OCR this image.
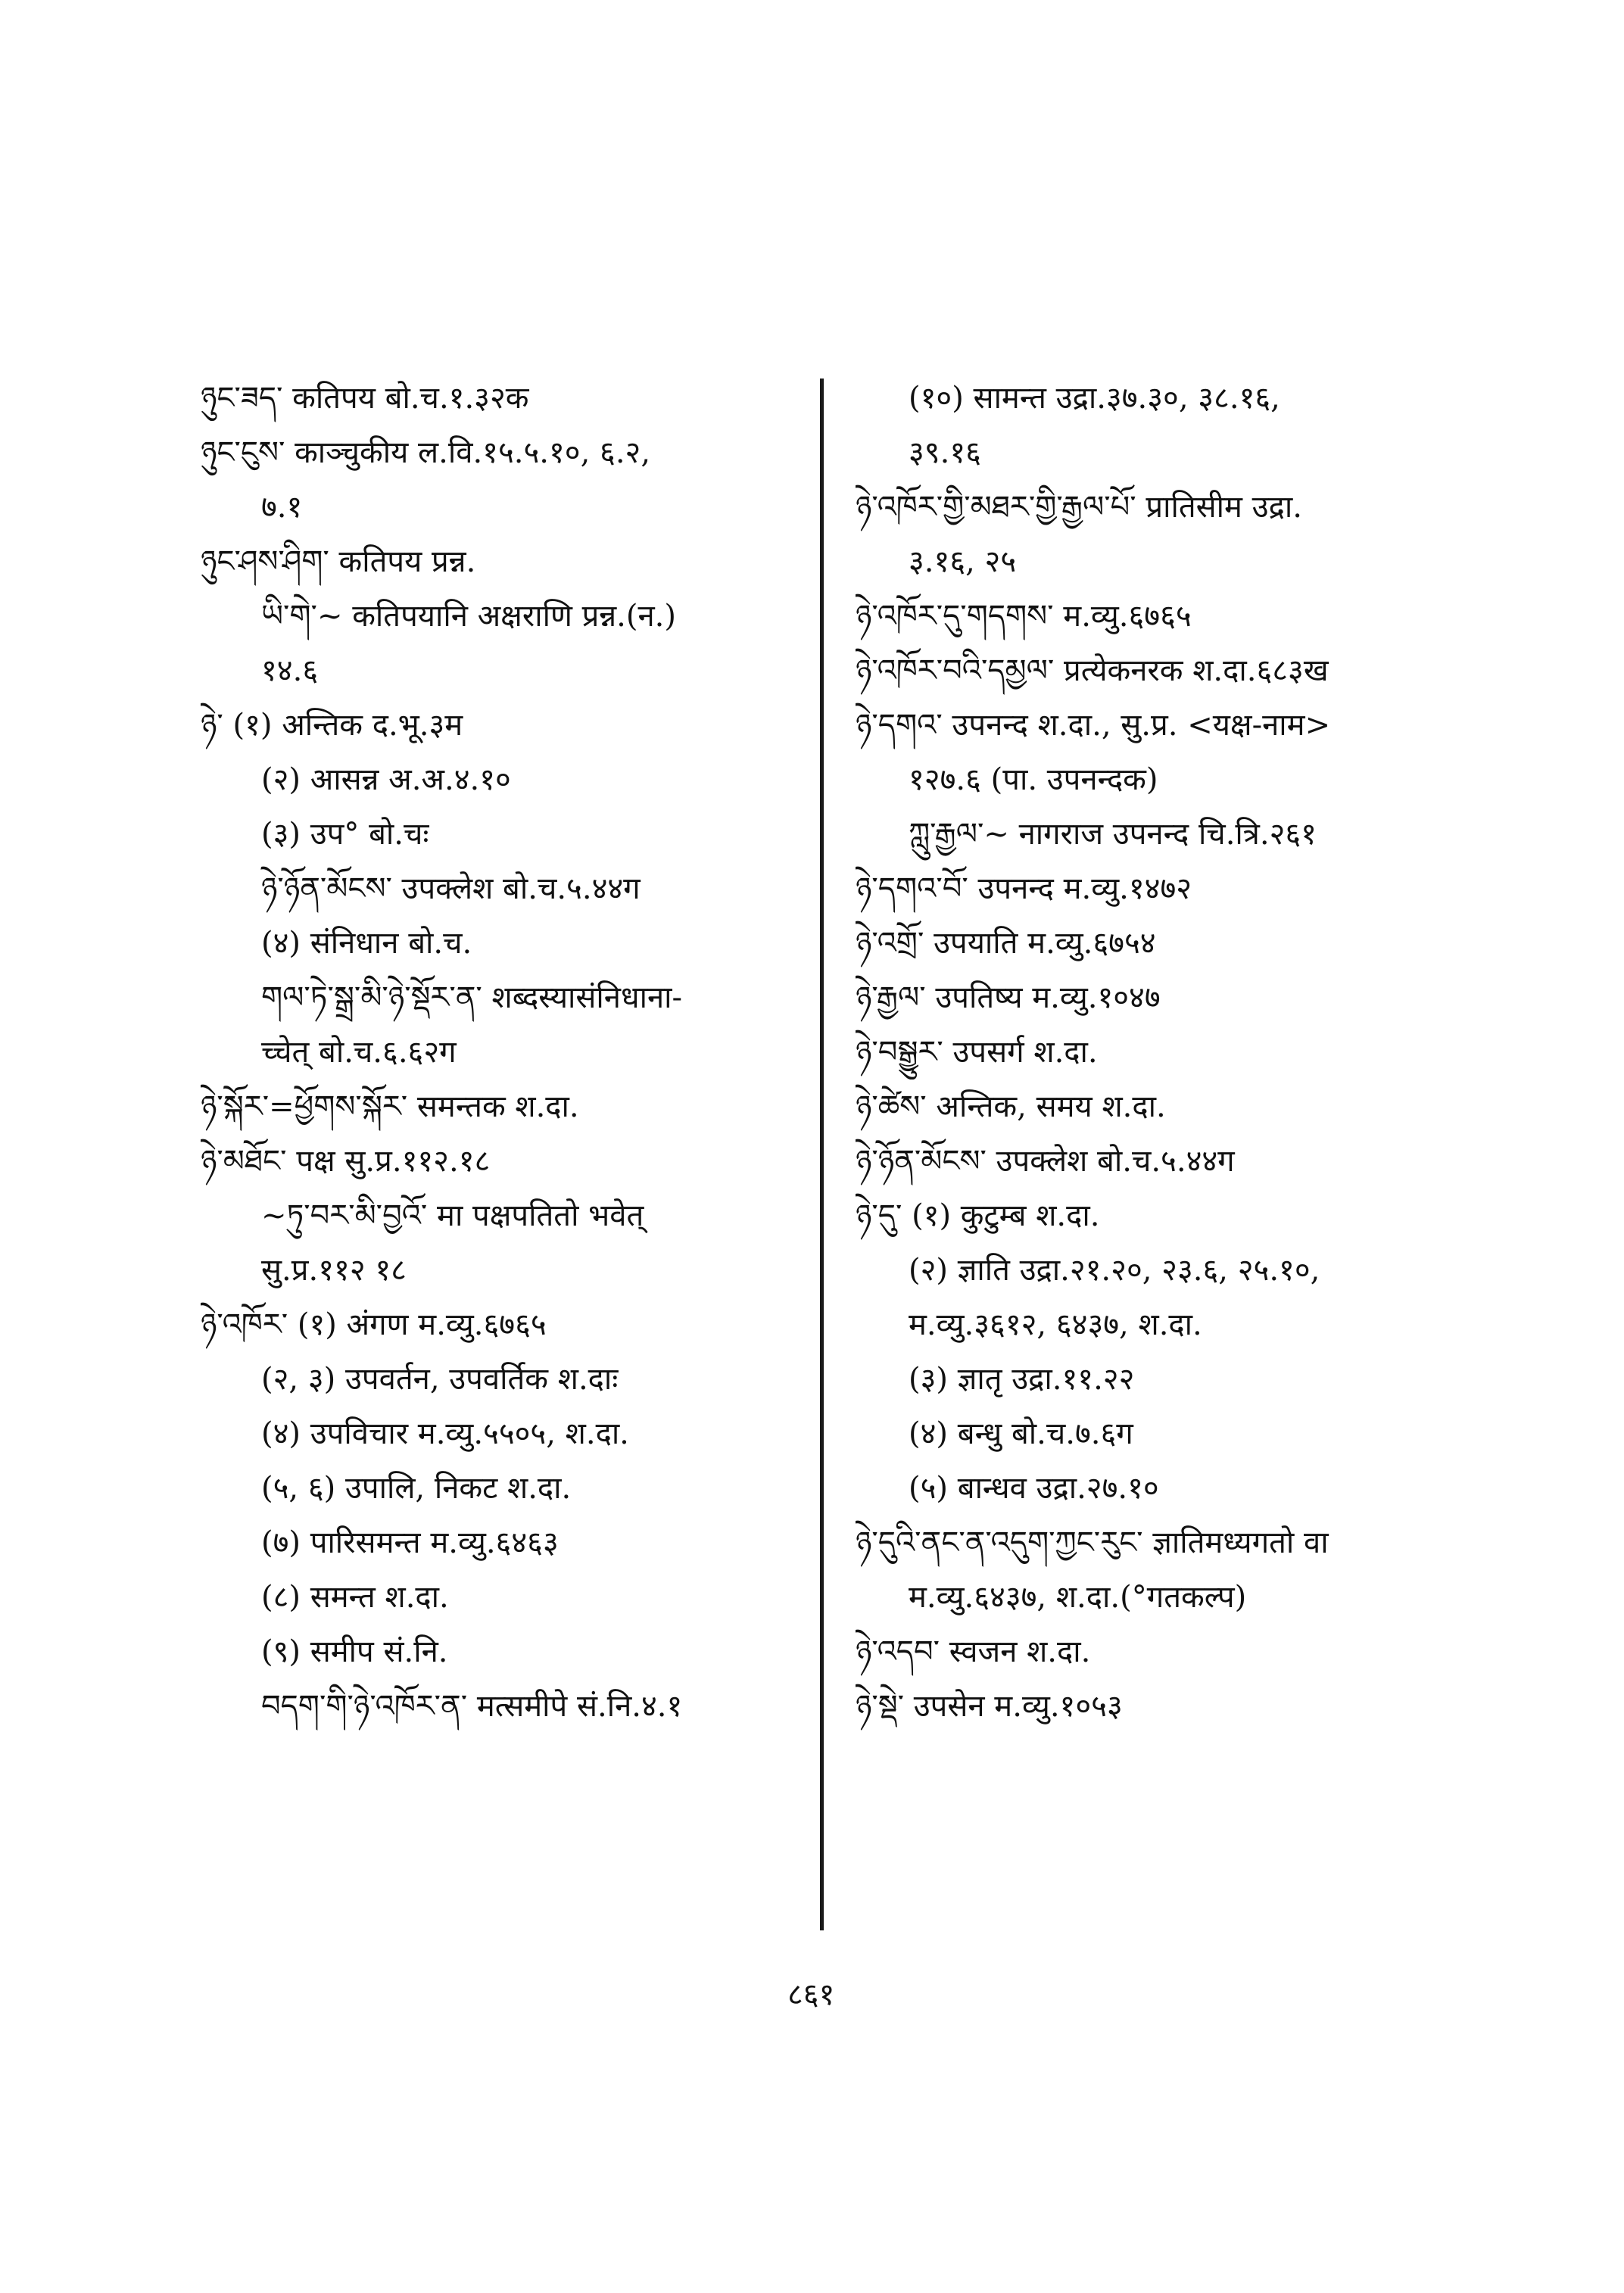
ཉུང་ཟད་ कतिपय बो.च.१.३२क
ཉུང་ངུས་ काञ्चुकीय ल.वि.१५.५.१०, ६.२,
७.१
ཉུང་ཤས་ཤིག་ कतिपय प्रन्न.
ཡི་གེ་~ कतिपयानि अक्षराणि प्रन्न.(न.)
१४.६
ཉེ་ (१) अन्तिक द.भू.३म
(२) आसन्न अ.अ.४.१०
(३) उप° बो.चः
ཉེ་ཉོན་མོངས་ उपक्लेश बो.च.५.४४ग
(४) संनिधान बो.च.
གལ་ཏེ་སྒྲ་མི་ཉེ་སྡོར་ན་ शब्दस्यासंनिधाना-
च्चेत् बो.च.६.६२ग
ཉེ་སྐོར་=ཕྱོགས་སྐོར་ समन्तक श.दा.
ཉེ་མཐོང་ पक्ष सु.प्र.११२.१८
~ཏུ་བར་མི་བྱའོ་ मा पक्षपतितो भवेत्
सु.प्र.११२ १८
ཉེ་འཁོར་ (१) अंगण म.व्यु.६७६५
(२, ३) उपवर्तन, उपवर्तिक श.दाः
(४) उपविचार म.व्यु.५५०५, श.दा.
(५, ६) उपालि, निकट श.दा.
(७) पारिसमन्त म.व्यु.६४६३
(८) समन्त श.दा.
(९) समीप सं.नि.
བདག་གི་ཉེ་འཁོར་ན་ मत्समीपे सं.नि.४.१
(१०) सामन्त उद्रा.३७.३०, ३८.१६,
३९.१६
ཉེ་འཁོར་གྱི་མཐར་གྱི་རྒྱལ་པོ་ प्रातिसीम उद्रा.
३.१६, २५
ཉེ་འཁོར་དུ་གདགས་ म.व्यु.६७६५
ཉེ་འཁོར་བའི་དམྱལ་ प्रत्येकनरक श.दा.६८३ख
ཉེ་དགའ་ उपनन्द श.दा., सु.प्र. <यक्ष-नाम>
१२७.६ (पा. उपनन्दक)
ཀླུ་རྒྱལ་~ नागराज उपनन्द चि.त्रि.२६१
ཉེ་དགའ་བོ་ उपनन्द म.व्यु.१४७२
ཉེ་འགྲོ་ उपयाति म.व्यु.६७५४
ཉེ་རྒྱལ་ उपतिष्य म.व्यु.१०४७
ཉེ་བསྒྱུར་ उपसर्ग श.दा.
ཉེ་ཚེས་ अन्तिक, समय श.दा.
ཉེ་ཉོན་མོངས་ उपक्लेश बो.च.५.४४ग
ཉེ་དུ་ (१) कुटुम्ब श.दा.
(२) ज्ञाति उद्रा.२१.२०, २३.६, २५.१०,
म.व्यु.३६१२, ६४३७, श.दा.
(३) ज्ञातृ उद्रा.११.२२
(४) बन्धु बो.च.७.६ग
(५) बान्धव उद्रा.२७.१०
ཉེ་དུའི་ནང་ན་འདུག་ཀྱང་རུང་ ज्ञातिमध्यगतो वा
म.व्यु.६४३७, श.दा.(°गतकल्प)
ཉེ་འདབ་ स्वजन श.दा.
ཉེ་སྡེ་ उपसेन म.व्यु.१०५३
८६१
